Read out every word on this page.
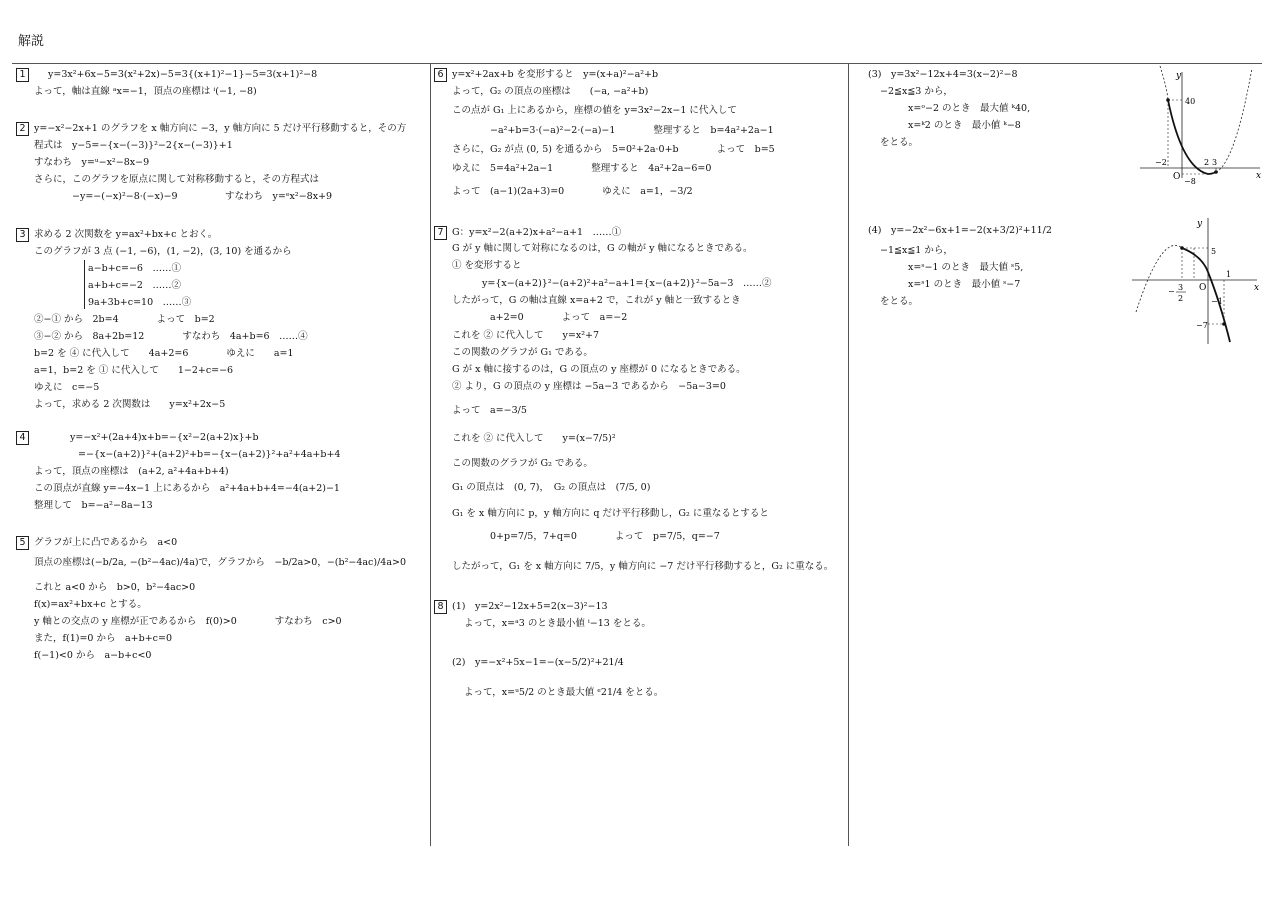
解説
1 y=3x²+6x−5=3(x²+2x)−5=3{(x+1)²−1}−5=3(x+1)²−8
よって，軸は直線 ᵃx=−1，頂点の座標は ⁱ(−1, −8)
2 y=−x²−2x+1 のグラフを x 軸方向に −3，y 軸方向に 5 だけ平行移動すると，その方
程式は　y−5=−{x−(−3)}²−2{x−(−3)}+1
すなわち　y=ᵘ−x²−8x−9
さらに，このグラフを原点に関して対称移動すると，その方程式は
−y=−(−x)²−8·(−x)−9　　　　　すなわち　y=ᵉx²−8x+9
3 求める 2 次関数を y=ax²+bx+c とおく。
このグラフが 3 点 (−1, −6)，(1, −2)，(3, 10) を通るから
a−b+c=−6　……①
a+b+c=−2　……②
9a+3b+c=10　……③
②−① から　2b=4　　　　よって　b=2
③−② から　8a+2b=12　　　　すなわち　4a+b=6　……④
b=2 を ④ に代入して　　4a+2=6　　　　ゆえに　　a=1
a=1，b=2 を ① に代入して　　1−2+c=−6
ゆえに　c=−5
よって，求める 2 次関数は　　y=x²+2x−5
4	y=−x²+(2a+4)x+b=−{x²−2(a+2)x}+b
=−{x−(a+2)}²+(a+2)²+b=−{x−(a+2)}²+a²+4a+b+4
よって，頂点の座標は　(a+2, a²+4a+b+4)
この頂点が直線 y=−4x−1 上にあるから　a²+4a+b+4=−4(a+2)−1
整理して　b=−a²−8a−13
5 グラフが上に凸であるから　a<0
頂点の座標は(−b/2a, −(b²−4ac)/4a)で，グラフから　−b/2a>0，−(b²−4ac)/4a>0
これと a<0 から　b>0，b²−4ac>0
f(x)=ax²+bx+c とする。
y 軸との交点の y 座標が正であるから　f(0)>0　　　　すなわち　c>0
また，f(1)=0 から　a+b+c=0
f(−1)<0 から　a−b+c<0
6 y=x²+2ax+b を変形すると　y=(x+a)²−a²+b
よって，G₂ の頂点の座標は　　(−a, −a²+b)
この点が G₁ 上にあるから，座標の値を y=3x²−2x−1 に代入して
−a²+b=3·(−a)²−2·(−a)−1　　　　整理すると　b=4a²+2a−1
さらに，G₂ が点 (0, 5) を通るから　5=0²+2a·0+b　　　　よって　b=5
ゆえに　5=4a²+2a−1　　　　整理すると　4a²+2a−6=0
よって　(a−1)(2a+3)=0　　　　ゆえに　a=1，−3/2
7 G：y=x²−2(a+2)x+a²−a+1　……①
G が y 軸に関して対称になるのは，G の軸が y 軸になるときである。
① を変形すると
y={x−(a+2)}²−(a+2)²+a²−a+1={x−(a+2)}²−5a−3　……②
したがって，G の軸は直線 x=a+2 で，これが y 軸と一致するとき
a+2=0　　　　よって　a=−2
これを ② に代入して　　y=x²+7
この関数のグラフが G₁ である。
G が x 軸に接するのは，G の頂点の y 座標が 0 になるときである。
② より，G の頂点の y 座標は −5a−3 であるから　−5a−3=0
よって　a=−3/5
これを ② に代入して　　y=(x−7/5)²
この関数のグラフが G₂ である。
G₁ の頂点は　(0, 7)，　G₂ の頂点は　(7/5, 0)
G₁ を x 軸方向に p，y 軸方向に q だけ平行移動し，G₂ に重なるとすると
0+p=7/5，7+q=0　　　　よって　p=7/5，q=−7
したがって，G₁ を x 軸方向に 7/5，y 軸方向に −7 だけ平行移動すると，G₂ に重なる。
8 (1)　y=2x²−12x+5=2(x−3)²−13
よって，x=ᵃ3 のとき最小値 ⁱ−13 をとる。
(2)　y=−x²+5x−1=−(x−5/2)²+21/4
よって，x=ᵘ5/2 のとき最大値 ᵉ21/4 をとる。
(3)　y=3x²−12x+4=3(x−2)²−8
−2≦x≦3 から，
x=ᵒ−2 のとき　最大値 ᵏ40,
x=ᵏ2 のとき　最小値 ᵏ−8
をとる。
(4)　y=−2x²−6x+1=−2(x+3/2)²+11/2
−1≦x≦1 から，
x=ˢ−1 のとき　最大値 ˢ5,
x=ˢ1 のとき　最小値 ˢ−7
をとる。
y
x
O
40
−2	2 3
−8
y
x
O
5
1
−1
−7
− 3
2
